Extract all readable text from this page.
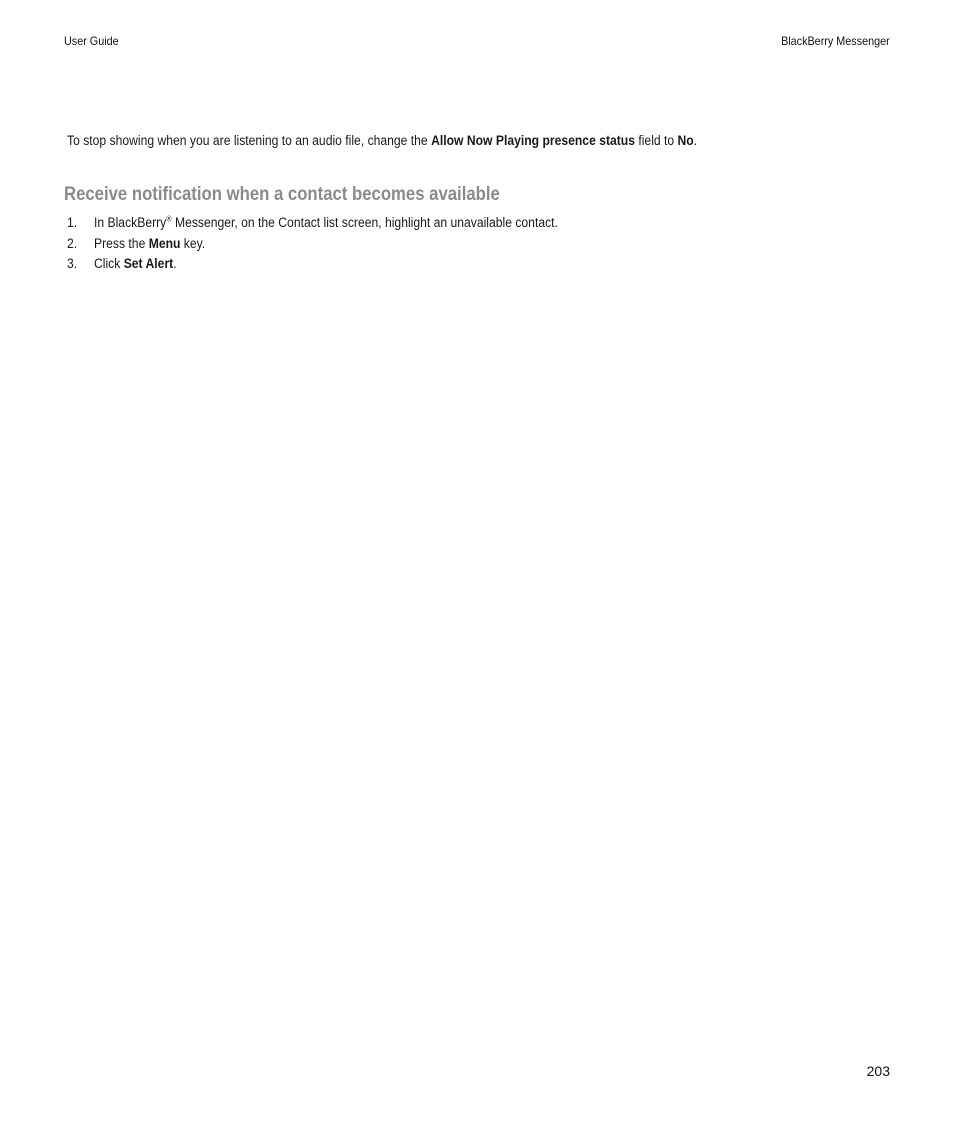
User Guide	BlackBerry Messenger

To stop showing when you are listening to an audio file, change the Allow Now Playing presence status field to No.

Receive notification when a contact becomes available
1. In BlackBerry® Messenger, on the Contact list screen, highlight an unavailable contact.
2. Press the Menu key.
3. Click Set Alert.
203
